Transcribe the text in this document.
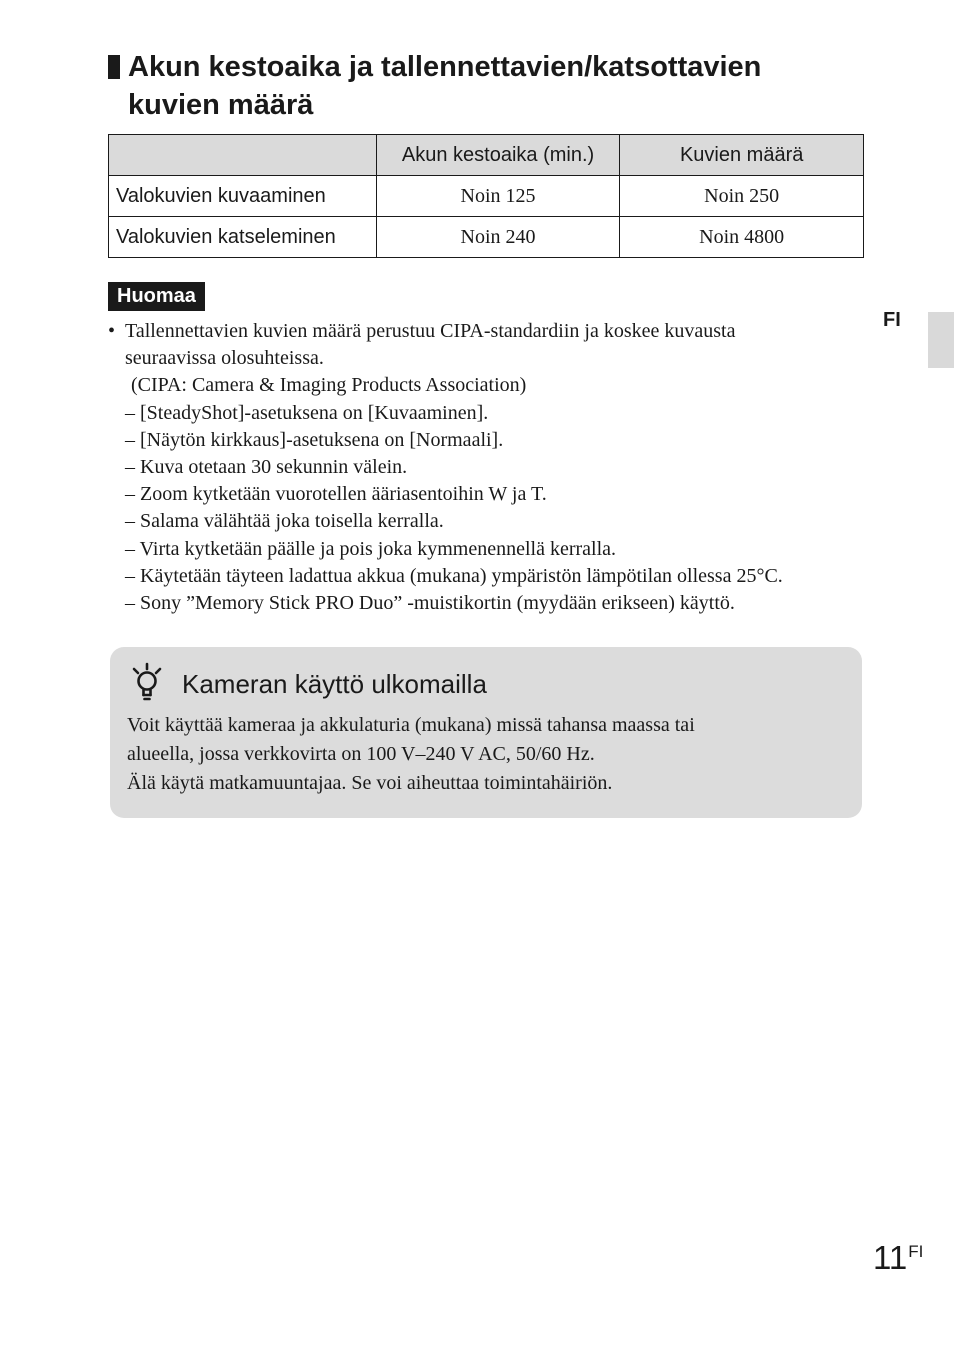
Akun kestoaika ja tallennettavien/katsottavien
kuvien määrä
	Akun kestoaika (min.)	Kuvien määrä
Valokuvien kuvaaminen	Noin 125	Noin 250
Valokuvien katseleminen	Noin 240	Noin 4800
Huomaa
• Tallennettavien kuvien määrä perustuu CIPA-standardiin ja koskee kuvausta
seuraavissa olosuhteissa.
(CIPA: Camera & Imaging Products Association)
– [SteadyShot]-asetuksena on [Kuvaaminen].
– [Näytön kirkkaus]-asetuksena on [Normaali].
– Kuva otetaan 30 sekunnin välein.
– Zoom kytketään vuorotellen ääriasentoihin W ja T.
– Salama välähtää joka toisella kerralla.
– Virta kytketään päälle ja pois joka kymmenennellä kerralla.
– Käytetään täyteen ladattua akkua (mukana) ympäristön lämpötilan ollessa 25°C.
– Sony ”Memory Stick PRO Duo” -muistikortin (myydään erikseen) käyttö.
Kameran käyttö ulkomailla
Voit käyttää kameraa ja akkulaturia (mukana) missä tahansa maassa tai
alueella, jossa verkkovirta on 100 V–240 V AC, 50/60 Hz.
Älä käytä matkamuuntajaa. Se voi aiheuttaa toimintahäiriön.
FI
$11^{FI}$
